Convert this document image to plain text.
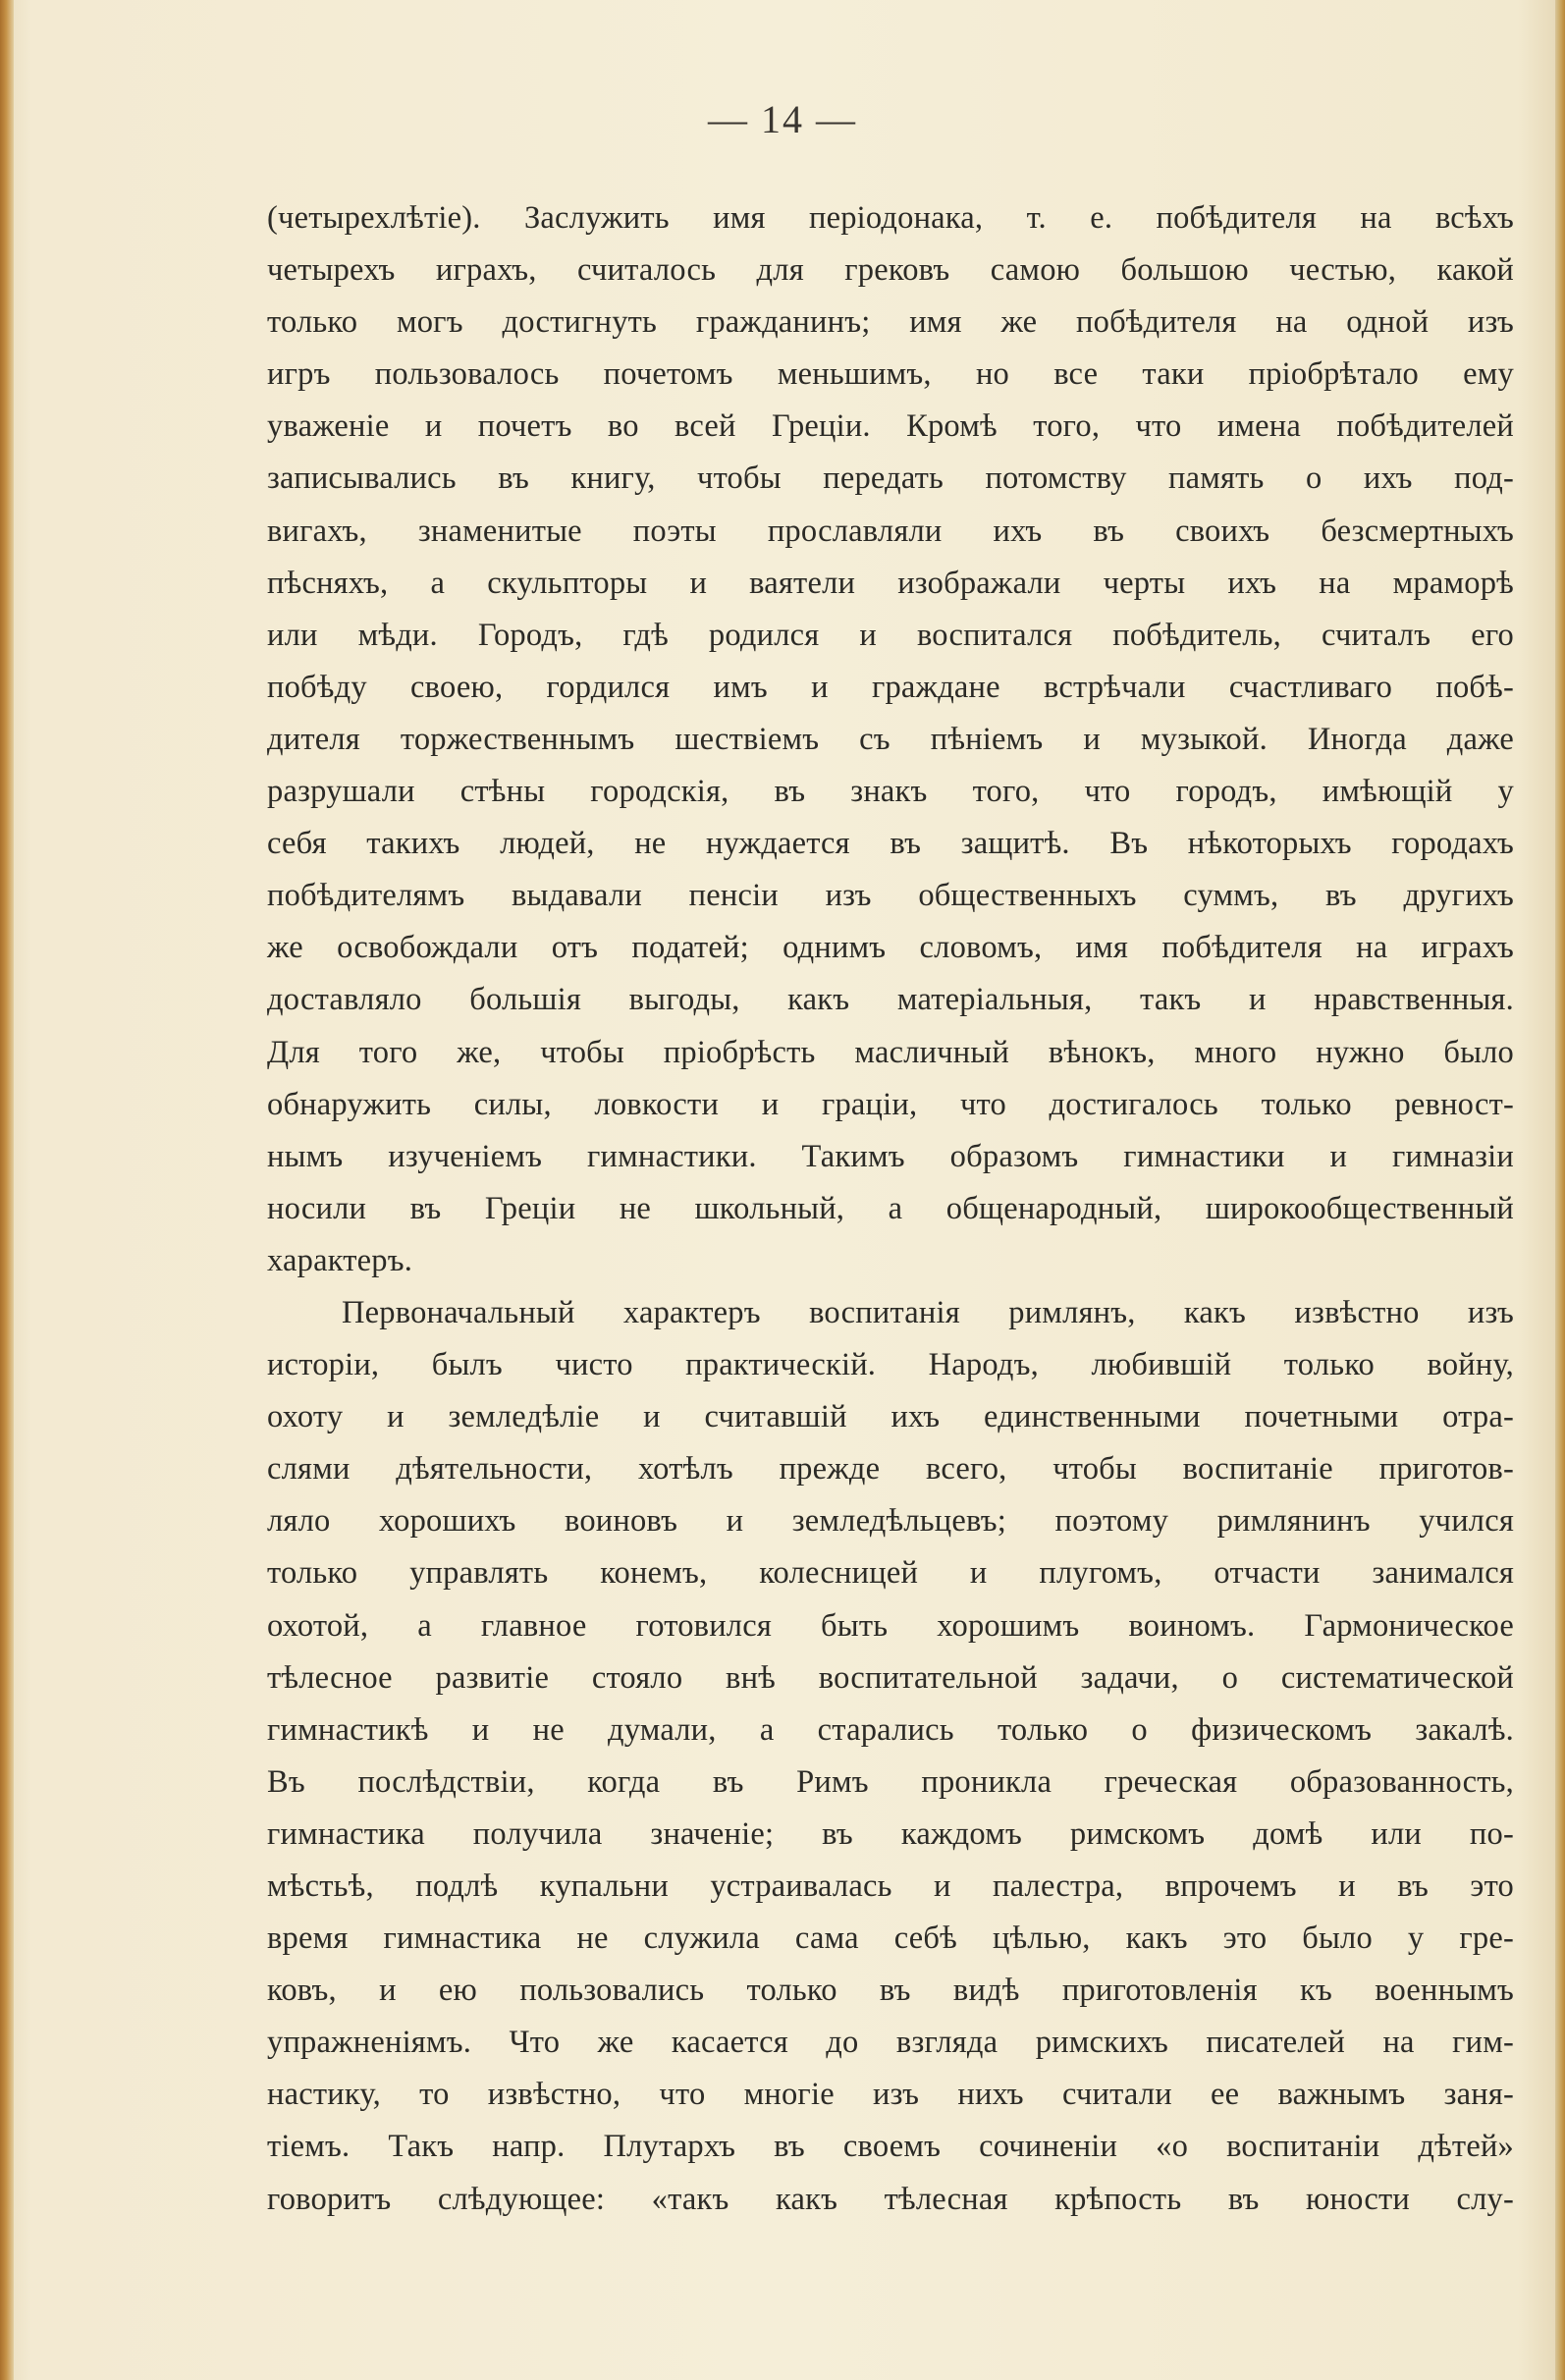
— 14 —
(четырехлѣтіе). Заслужить имя періодонака, т. е. побѣдителя на всѣхъ
четырехъ играхъ, считалось для грековъ самою большою честью, какой
только могъ достигнуть гражданинъ; имя же побѣдителя на одной изъ
игръ пользовалось почетомъ меньшимъ, но все таки пріобрѣтало ему
уваженіе и почетъ во всей Греціи. Кромѣ того, что имена побѣдителей
записывались въ книгу, чтобы передать потомству память о ихъ под-
вигахъ, знаменитые поэты прославляли ихъ въ своихъ безсмертныхъ
пѣсняхъ, а скульпторы и ваятели изображали черты ихъ на мраморѣ
или мѣди. Городъ, гдѣ родился и воспитался побѣдитель, считалъ его
побѣду своею, гордился имъ и граждане встрѣчали счастливаго побѣ-
дителя торжественнымъ шествіемъ съ пѣніемъ и музыкой. Иногда даже
разрушали стѣны городскія, въ знакъ того, что городъ, имѣющій у
себя такихъ людей, не нуждается въ защитѣ. Въ нѣкоторыхъ городахъ
побѣдителямъ выдавали пенсіи изъ общественныхъ суммъ, въ другихъ
же освобождали отъ податей; однимъ словомъ, имя побѣдителя на играхъ
доставляло большія выгоды, какъ матеріальныя, такъ и нравственныя.
Для того же, чтобы пріобрѣсть масличный вѣнокъ, много нужно было
обнаружить силы, ловкости и граціи, что достигалось только ревност-
нымъ изученіемъ гимнастики. Такимъ образомъ гимнастики и гимназіи
носили въ Греціи не школьный, а общенародный, широкообщественный
характеръ.
Первоначальный характеръ воспитанія римлянъ, какъ извѣстно изъ
исторіи, былъ чисто практическій. Народъ, любившій только войну,
охоту и земледѣліе и считавшій ихъ единственными почетными отра-
слями дѣятельности, хотѣлъ прежде всего, чтобы воспитаніе приготов-
ляло хорошихъ воиновъ и земледѣльцевъ; поэтому римлянинъ учился
только управлять конемъ, колесницей и плугомъ, отчасти занимался
охотой, а главное готовился быть хорошимъ воиномъ. Гармоническое
тѣлесное развитіе стояло внѣ воспитательной задачи, о систематической
гимнастикѣ и не думали, а старались только о физическомъ закалѣ.
Въ послѣдствіи, когда въ Римъ проникла греческая образованность,
гимнастика получила значеніе; въ каждомъ римскомъ домѣ или по-
мѣстьѣ, подлѣ купальни устраивалась и палестра, впрочемъ и въ это
время гимнастика не служила сама себѣ цѣлью, какъ это было у гре-
ковъ, и ею пользовались только въ видѣ приготовленія къ военнымъ
упражненіямъ. Что же касается до взгляда римскихъ писателей на гим-
настику, то извѣстно, что многіе изъ нихъ считали ее важнымъ заня-
тіемъ. Такъ напр. Плутархъ въ своемъ сочиненіи «о воспитаніи дѣтей»
говоритъ слѣдующее: «такъ какъ тѣлесная крѣпость въ юности слу-
